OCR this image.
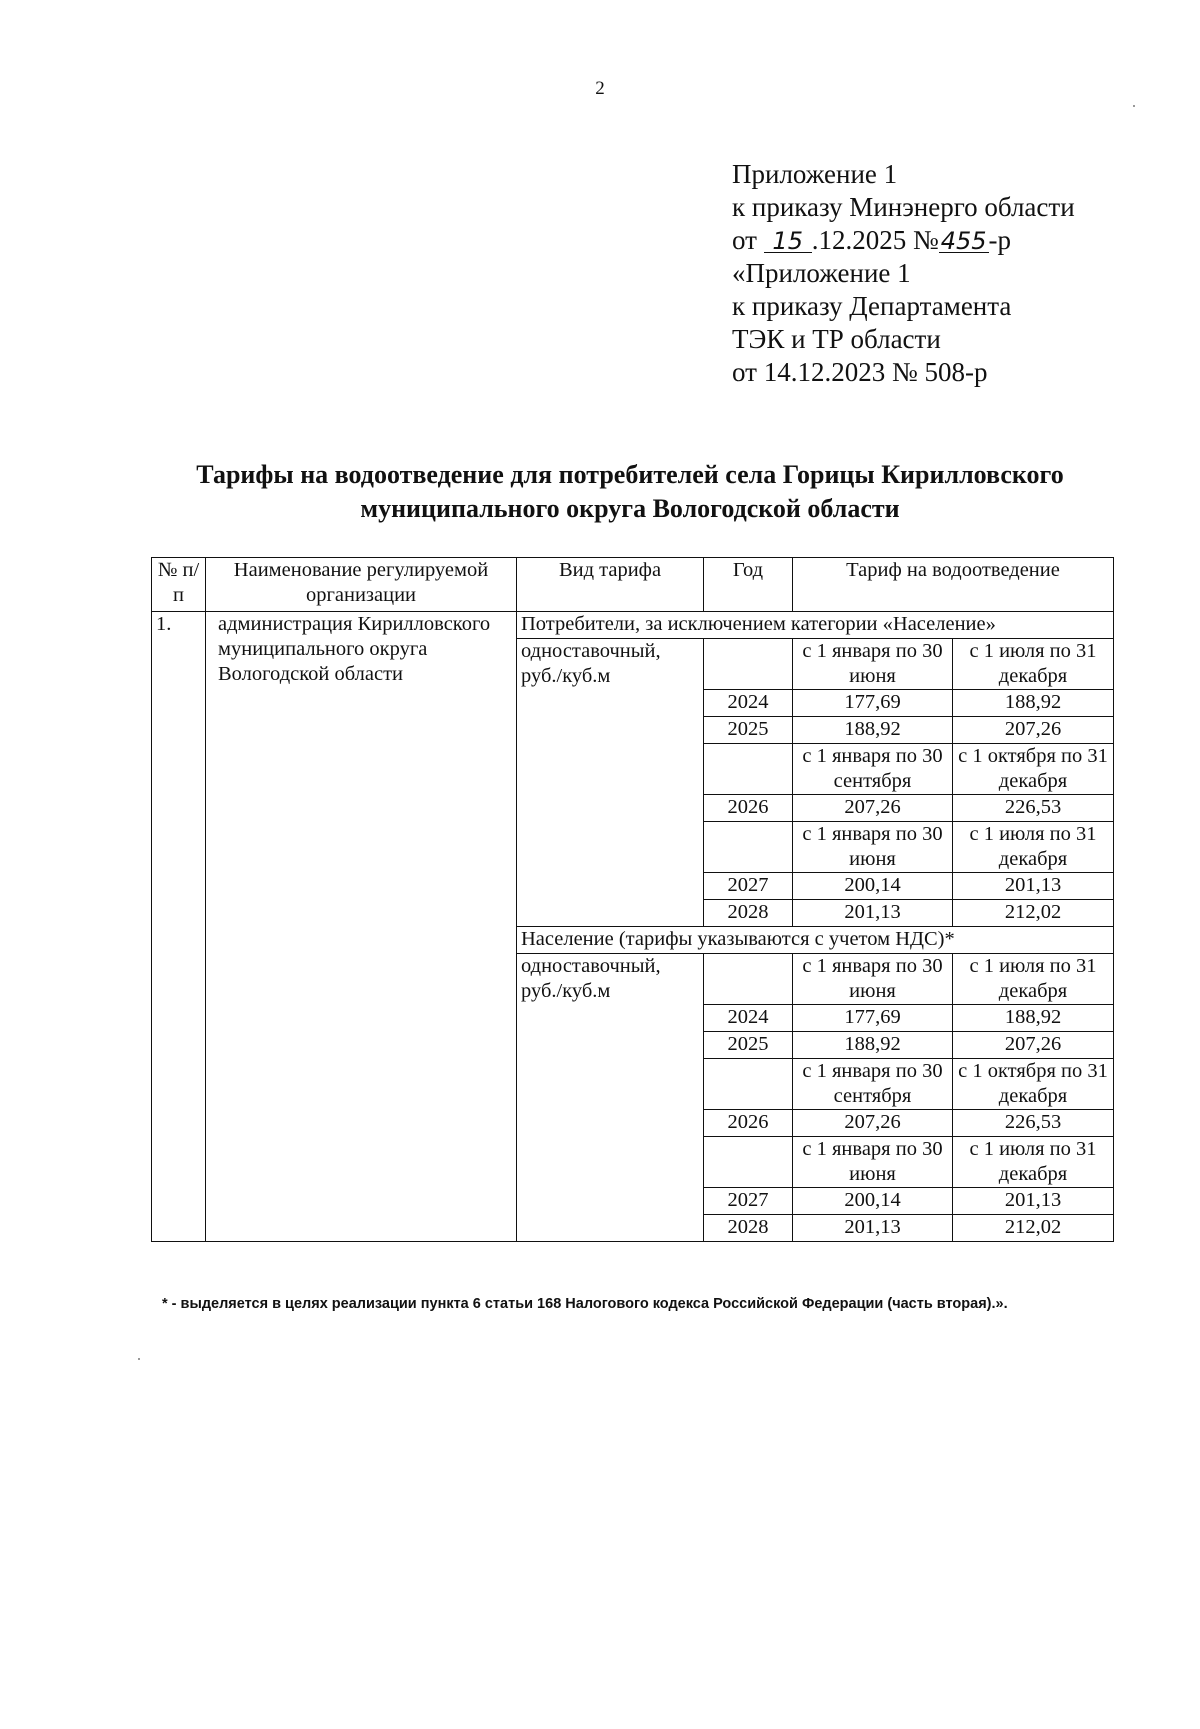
2
Приложение 1
к приказу Минэнерго области
от 15 .12.2025 №455-р
«Приложение 1
к приказу Департамента
ТЭК и ТР области
от 14.12.2023 № 508-р
Тарифы на водоотведение для потребителей села Горицы Кирилловского
муниципального округа Вологодской области
№ п/п	Наименование регулируемой организации	Вид тарифа	Год	Тариф на водоотведение	
1.	администрация Кирилловского муниципального округа Вологодской области	Потребители, за исключением категории «Население»			
		одноставочный, руб./куб.м		с 1 января по 30 июня	с 1 июля по 31 декабря
			2024	177,69	188,92
			2025	188,92	207,26
				с 1 января по 30 сентября	с 1 октября по 31 декабря
			2026	207,26	226,53
				с 1 января по 30 июня	с 1 июля по 31 декабря
			2027	200,14	201,13
			2028	201,13	212,02
		Население (тарифы указываются с учетом НДС)*			
		одноставочный, руб./куб.м		с 1 января по 30 июня	с 1 июля по 31 декабря
			2024	177,69	188,92
			2025	188,92	207,26
				с 1 января по 30 сентября	с 1 октября по 31 декабря
			2026	207,26	226,53
				с 1 января по 30 июня	с 1 июля по 31 декабря
			2027	200,14	201,13
			2028	201,13	212,02
* - выделяется в целях реализации пункта 6 статьи 168 Налогового кодекса Российской Федерации (часть вторая).».
